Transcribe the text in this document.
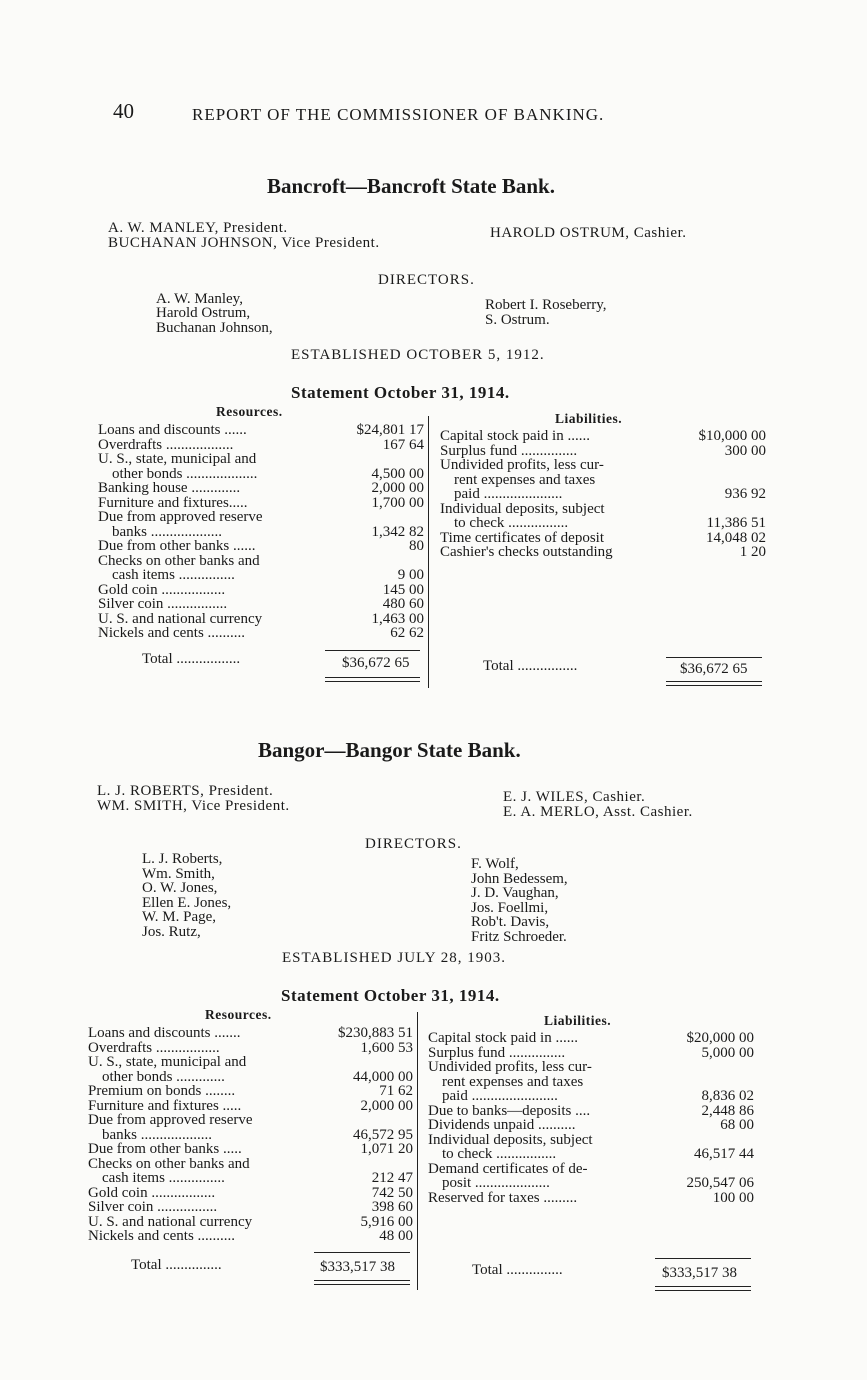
40	REPORT OF THE COMMISSIONER OF BANKING.
Bancroft—Bancroft State Bank.
A. W. MANLEY, President.
BUCHANAN JOHNSON, Vice President.
HAROLD OSTRUM, Cashier.
DIRECTORS.
A. W. Manley,
Harold Ostrum,
Buchanan Johnson,
Robert I. Roseberry,
S. Ostrum.
ESTABLISHED OCTOBER 5, 1912.
Statement October 31, 1914.
Resources.	Liabilities.
Loans and discounts ......	$24,801 17
Overdrafts ..................	167 64
U. S., state, municipal and
other bonds ...................	4,500 00
Banking house .............	2,000 00
Furniture and fixtures.....	1,700 00
Due from approved reserve
banks ...................	1,342 82
Due from other banks ......	80
Checks on other banks and
cash items ...............	9 00
Gold coin .................	145 00
Silver coin ................	480 60
U. S. and national currency	1,463 00
Nickels and cents ..........	62 62
Total .................	$36,672 65
Capital stock paid in ......	$10,000 00
Surplus fund ...............	300 00
Undivided profits, less cur-
rent expenses and taxes
paid .....................	936 92
Individual deposits, subject
to check ................	11,386 51
Time certificates of deposit	14,048 02
Cashier's checks outstanding	1 20
Total ................	$36,672 65
Bangor—Bangor State Bank.
L. J. ROBERTS, President.
WM. SMITH, Vice President.
E. J. WILES, Cashier.
E. A. MERLO, Asst. Cashier.
DIRECTORS.
L. J. Roberts,
Wm. Smith,
O. W. Jones,
Ellen E. Jones,
W. M. Page,
Jos. Rutz,
F. Wolf,
John Bedessem,
J. D. Vaughan,
Jos. Foellmi,
Rob't. Davis,
Fritz Schroeder.
ESTABLISHED JULY 28, 1903.
Statement October 31, 1914.
Resources.	Liabilities.
Loans and discounts .......	$230,883 51
Overdrafts .................	1,600 53
U. S., state, municipal and
other bonds .............	44,000 00
Premium on bonds ........	71 62
Furniture and fixtures .....	2,000 00
Due from approved reserve
banks ...................	46,572 95
Due from other banks .....	1,071 20
Checks on other banks and
cash items ...............	212 47
Gold coin .................	742 50
Silver coin ................	398 60
U. S. and national currency	5,916 00
Nickels and cents ..........	48 00
Total ...............	$333,517 38
Capital stock paid in ......	$20,000 00
Surplus fund ...............	5,000 00
Undivided profits, less cur-
rent expenses and taxes
paid .......................	8,836 02
Due to banks—deposits ....	2,448 86
Dividends unpaid ..........	68 00
Individual deposits, subject
to check ................	46,517 44
Demand certificates of de-
posit ....................	250,547 06
Reserved for taxes .........	100 00
Total ...............	$333,517 38
